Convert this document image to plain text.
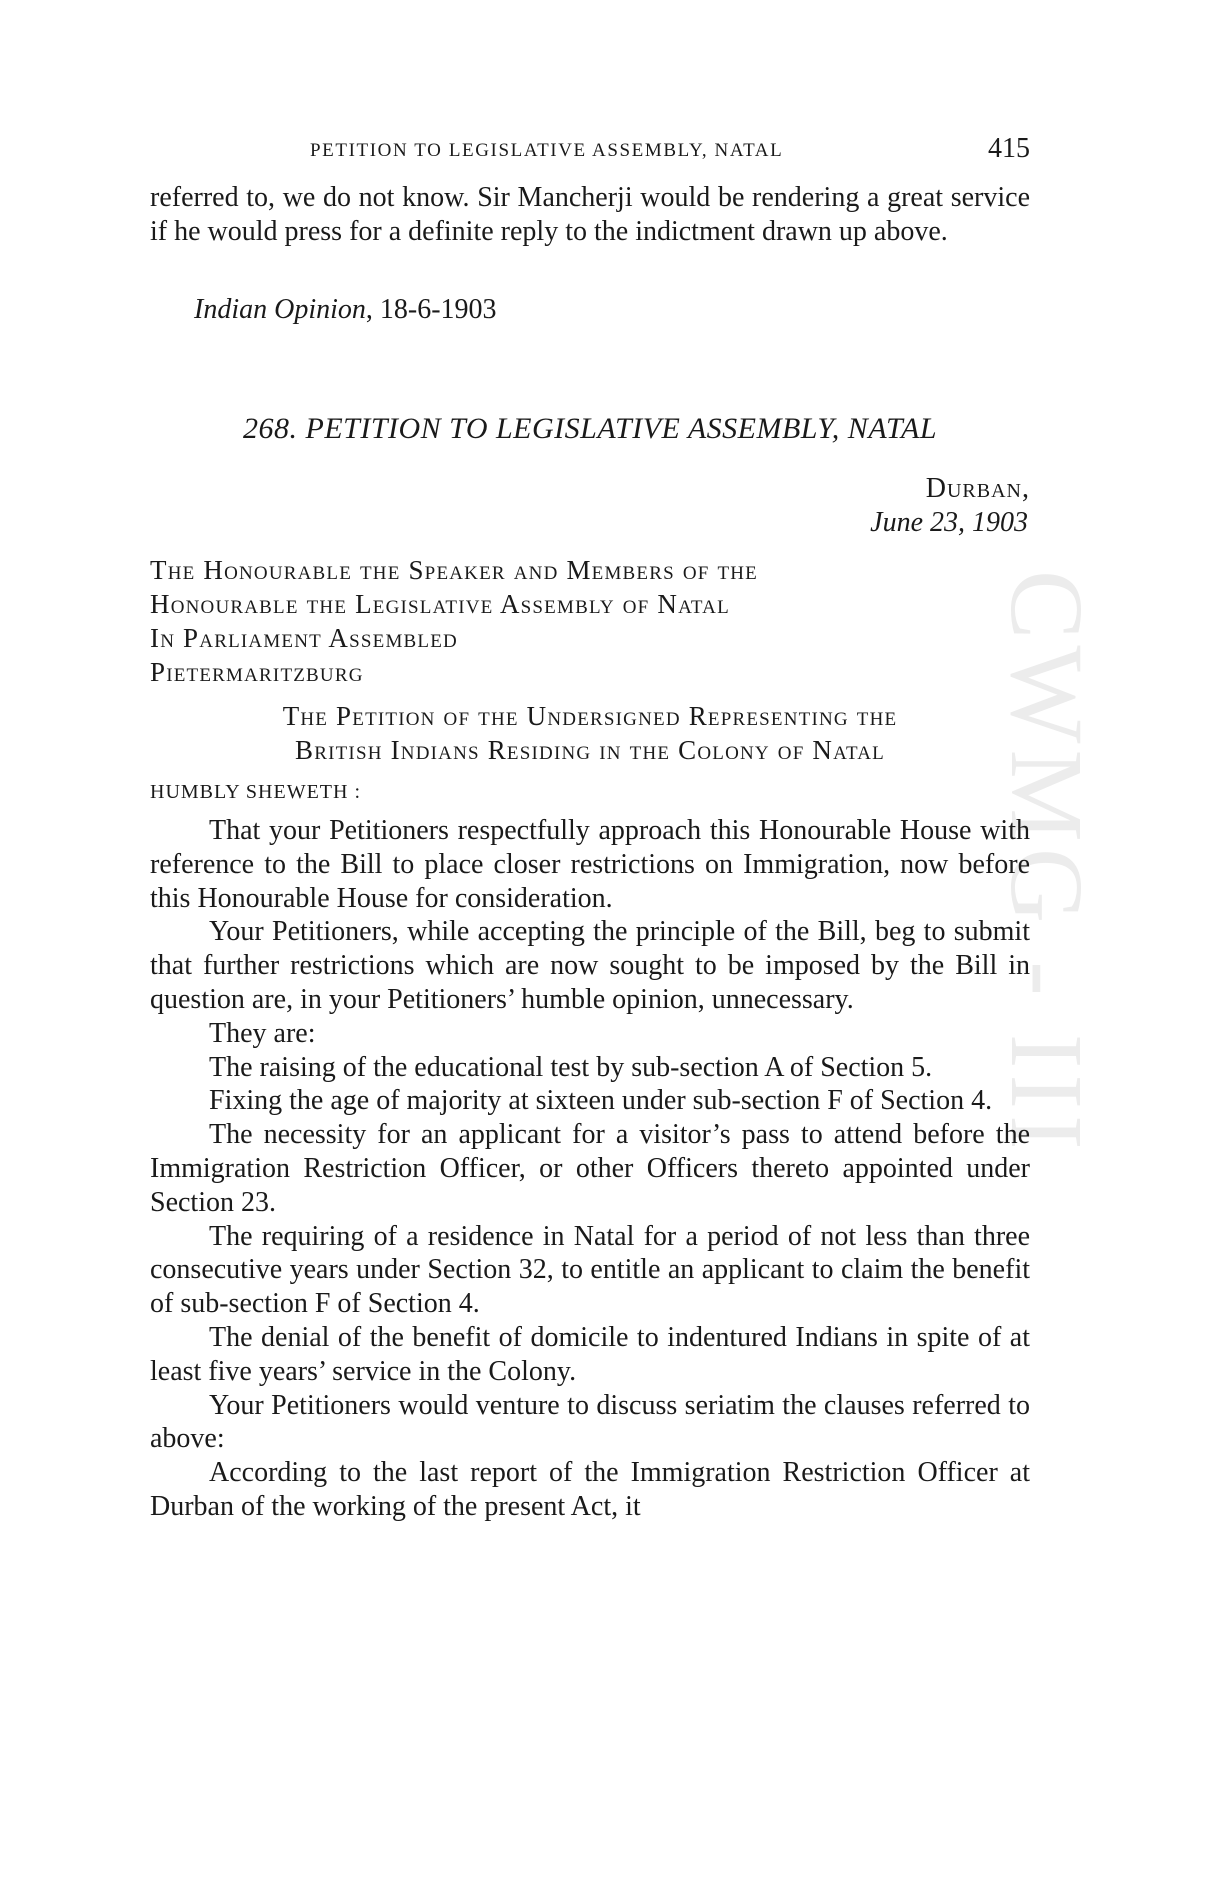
CWMG - III
PETITION TO LEGISLATIVE ASSEMBLY, NATAL	415
referred to, we do not know. Sir Mancherji would be rendering a great service if he would press for a definite reply to the indictment drawn up above.
Indian Opinion, 18-6-1903
268. PETITION TO LEGISLATIVE ASSEMBLY, NATAL
Durban,
June 23, 1903
The Honourable the Speaker and Members of the
Honourable the Legislative Assembly of Natal
In Parliament Assembled
Pietermaritzburg
The Petition of the Undersigned Representing the
British Indians Residing in the Colony of Natal
HUMBLY SHEWETH :

That your Petitioners respectfully approach this Honourable House with reference to the Bill to place closer restrictions on Immigration, now before this Honourable House for consideration.

Your Petitioners, while accepting the principle of the Bill, beg to submit that further restrictions which are now sought to be imposed by the Bill in question are, in your Petitioners’ humble opinion, unnecessary.

They are:

The raising of the educational test by sub-section A of Section 5.

Fixing the age of majority at sixteen under sub-section F of Section 4.

The necessity for an applicant for a visitor’s pass to attend before the Immigration Restriction Officer, or other Officers thereto appointed under Section 23.

The requiring of a residence in Natal for a period of not less than three consecutive years under Section 32, to entitle an applicant to claim the benefit of sub-section F of Section 4.

The denial of the benefit of domicile to indentured Indians in spite of at least five years’ service in the Colony.

Your Petitioners would venture to discuss seriatim the clauses referred to above:

According to the last report of the Immigration Restriction Officer at Durban of the working of the present Act, it
